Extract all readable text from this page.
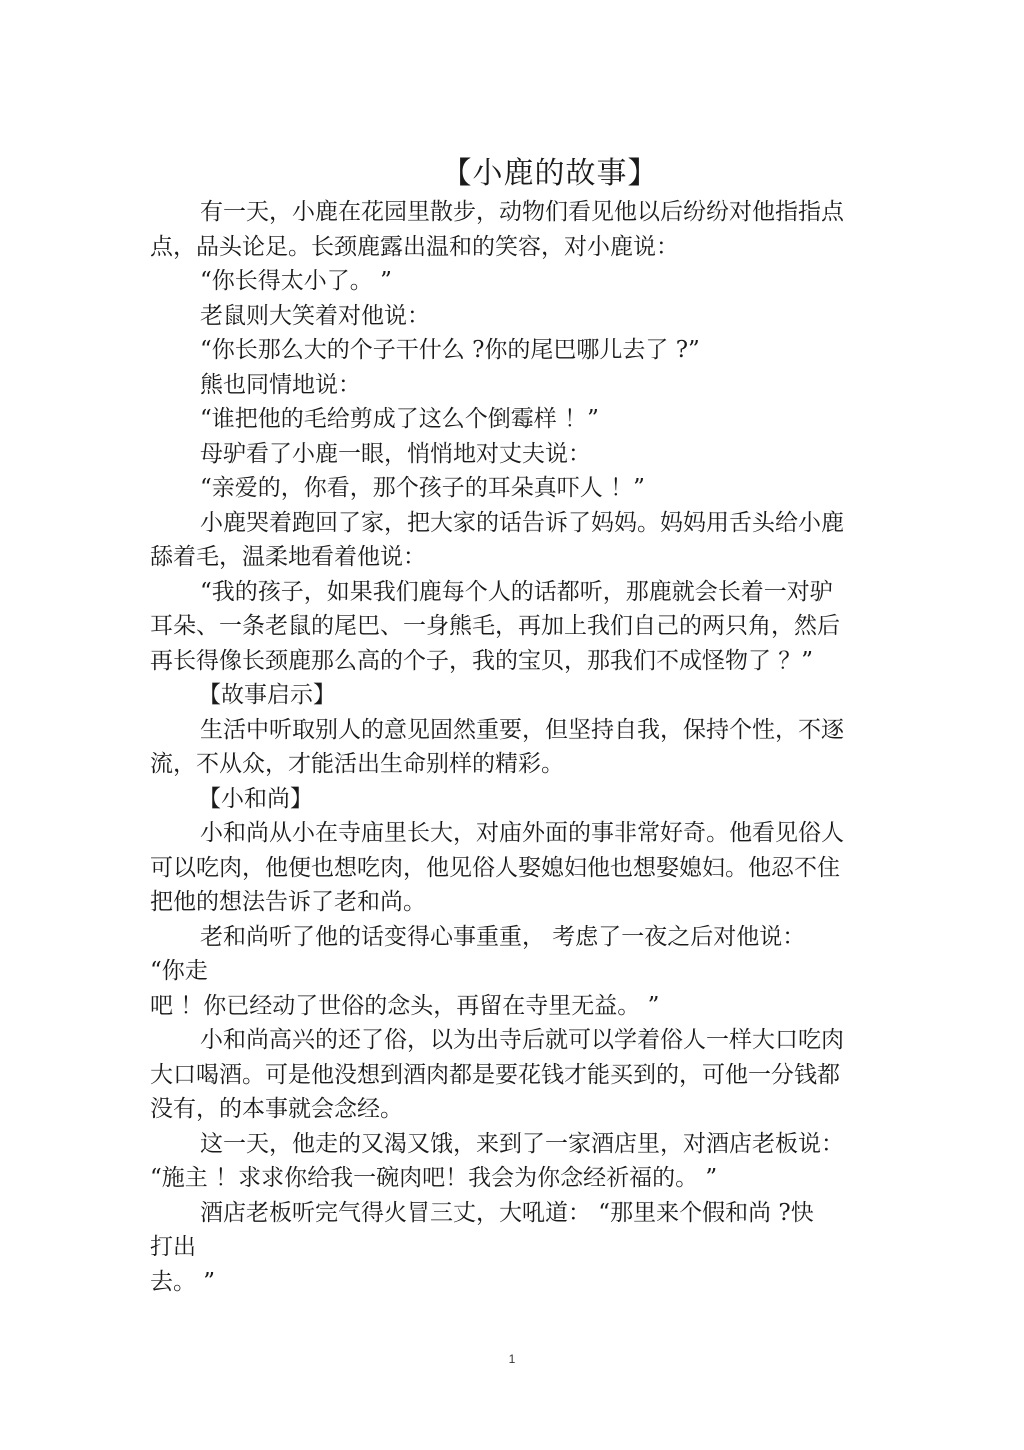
【小鹿的故事】
有一天，小鹿在花园里散步，动物们看见他以后纷纷对他指指点
点，品头论足。长颈鹿露出温和的笑容，对小鹿说：
“你长得太小了。 ”
老鼠则大笑着对他说：
“你长那么大的个子干什么 ?你的尾巴哪儿去了 ?”
熊也同情地说：
“谁把他的毛给剪成了这么个倒霉样 ！”
母驴看了小鹿一眼，悄悄地对丈夫说：
“亲爱的，你看，那个孩子的耳朵真吓人 ！”
小鹿哭着跑回了家，把大家的话告诉了妈妈。妈妈用舌头给小鹿
舔着毛，温柔地看着他说：
“我的孩子，如果我们鹿每个人的话都听，那鹿就会长着一对驴
耳朵、一条老鼠的尾巴、一身熊毛，再加上我们自己的两只角，然后
再长得像长颈鹿那么高的个子，我的宝贝，那我们不成怪物了 ？”
【故事启示】
生活中听取别人的意见固然重要，但坚持自我，保持个性，不逐
流，不从众，才能活出生命别样的精彩。
【小和尚】
小和尚从小在寺庙里长大，对庙外面的事非常好奇。他看见俗人
可以吃肉，他便也想吃肉，他见俗人娶媳妇他也想娶媳妇。他忍不住
把他的想法告诉了老和尚。
老和尚听了他的话变得心事重重， 考虑了一夜之后对他说：
“你走
吧 ！你已经动了世俗的念头，再留在寺里无益。 ”
小和尚高兴的还了俗，以为出寺后就可以学着俗人一样大口吃肉
大口喝酒。可是他没想到酒肉都是要花钱才能买到的，可他一分钱都
没有，的本事就会念经。
这一天，他走的又渴又饿，来到了一家酒店里，对酒店老板说：
“施主 ！求求你给我一碗肉吧！我会为你念经祈福的。 ”
酒店老板听完气得火冒三丈，大吼道： “那里来个假和尚 ?快
打出
去。 ”
1
